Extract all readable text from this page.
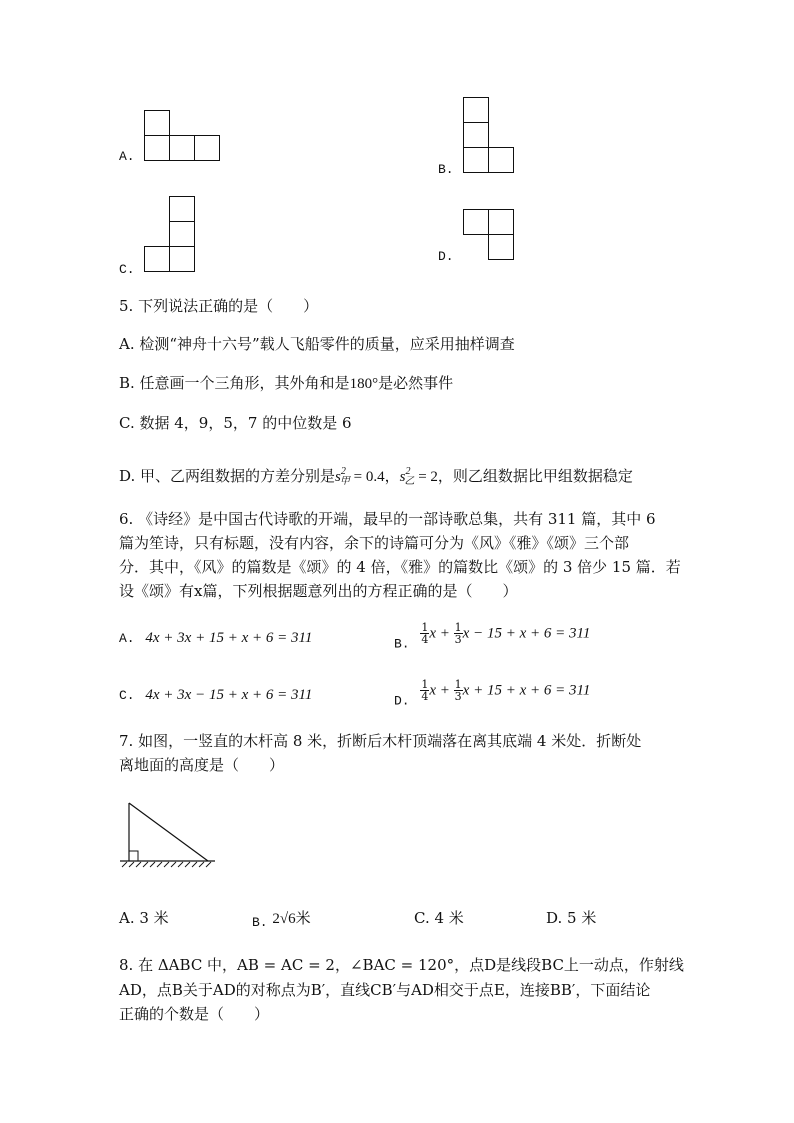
A.
B.
C.
D.
5. 下列说法正确的是（　　）
A. 检测“神舟十六号”载人飞船零件的质量，应采用抽样调查
B. 任意画一个三角形，其外角和是180°是必然事件
C. 数据 4，9，5，7 的中位数是 6
D. 甲、乙两组数据的方差分别是$s^2_甲 = 0.4$，$s^2_乙 = 2$，则乙组数据比甲组数据稳定
6. 《诗经》是中国古代诗歌的开端，最早的一部诗歌总集，共有 311 篇，其中 6
篇为笙诗，只有标题，没有内容，余下的诗篇可分为《风》《雅》《颂》三个部
分．其中，《风》的篇数是《颂》的 4 倍，《雅》的篇数比《颂》的 3 倍少 15 篇．若
设《颂》有x篇，下列根据题意列出的方程正确的是（　　）
A. 4x + 3x + 15 + x + 6 = 311	B. $\frac{1}{4}$ $x + \frac{1}{3}$ x − 15 + x + 6 = 311
C. 4x + 3x − 15 + x + 6 = 311	D. $\frac{1}{4}$ $x + \frac{1}{3}$ x + 15 + x + 6 = 311
7. 如图，一竖直的木杆高 8 米，折断后木杆顶端落在离其底端 4 米处．折断处
离地面的高度是（　　）
A. 3 米	B. 2√6米	C. 4 米	D. 5 米
8. 在 ΔABC 中，AB = AC = 2，∠BAC = 120°，点D是线段BC上一动点，作射线
AD，点B关于AD的对称点为B′，直线CB′与AD相交于点E，连接BB′，下面结论
正确的个数是（　　）
